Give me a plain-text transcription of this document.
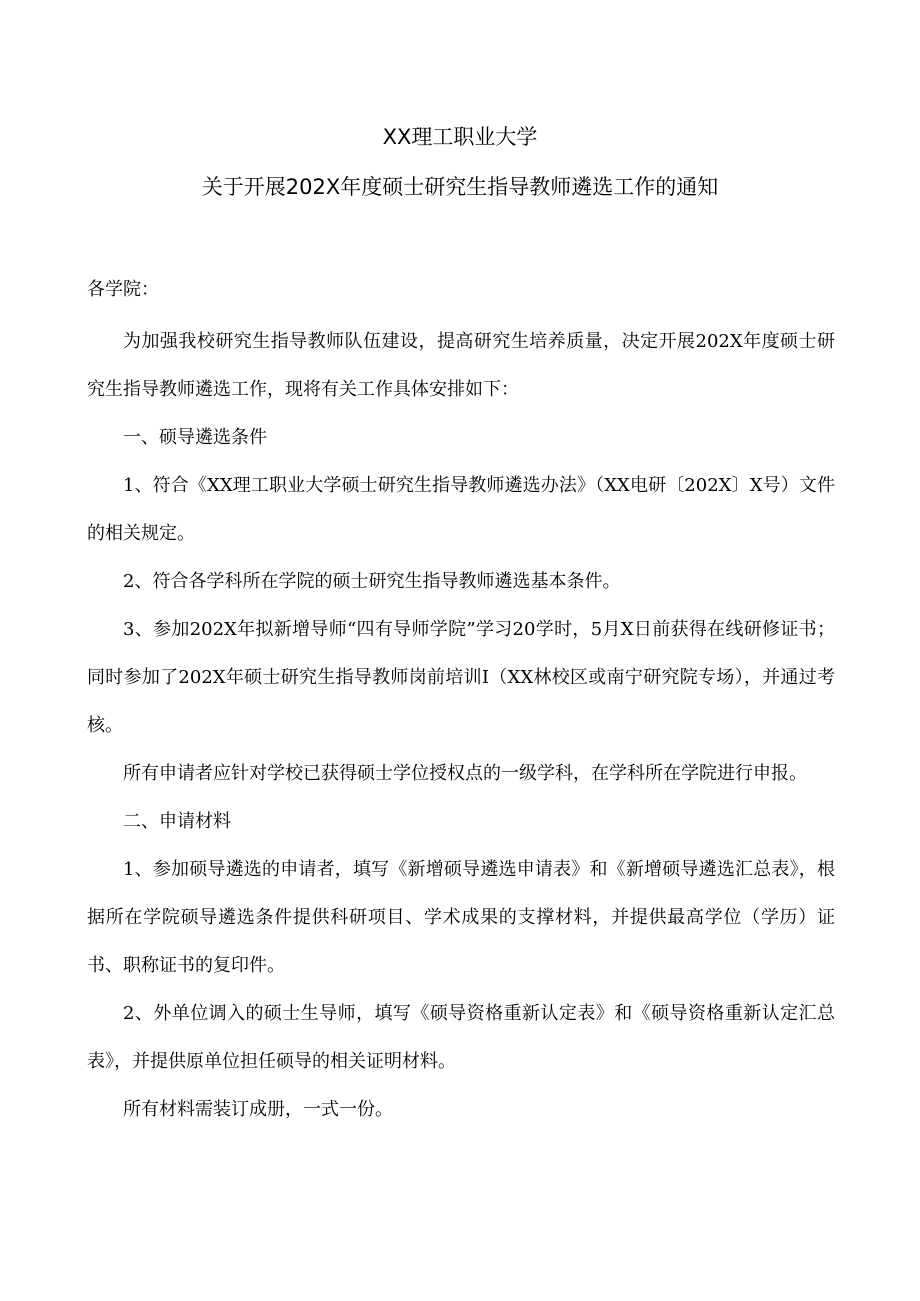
XX理工职业大学
关于开展202X年度硕士研究生指导教师遴选工作的通知

各学院：

为加强我校研究生指导教师队伍建设，提高研究生培养质量，决定开展202X年度硕士研究生指导教师遴选工作，现将有关工作具体安排如下：

一、硕导遴选条件

1、符合《XX理工职业大学硕士研究生指导教师遴选办法》（XX电研〔202X〕X号）文件的相关规定。

2、符合各学科所在学院的硕士研究生指导教师遴选基本条件。

3、参加202X年拟新增导师“四有导师学院”学习20学时，5月X日前获得在线研修证书；同时参加了202X年硕士研究生指导教师岗前培训I（XX林校区或南宁研究院专场），并通过考核。

所有申请者应针对学校已获得硕士学位授权点的一级学科，在学科所在学院进行申报。

二、申请材料

1、参加硕导遴选的申请者，填写《新增硕导遴选申请表》和《新增硕导遴选汇总表》，根据所在学院硕导遴选条件提供科研项目、学术成果的支撑材料，并提供最高学位（学历）证书、职称证书的复印件。

2、外单位调入的硕士生导师，填写《硕导资格重新认定表》和《硕导资格重新认定汇总表》，并提供原单位担任硕导的相关证明材料。

所有材料需装订成册，一式一份。
